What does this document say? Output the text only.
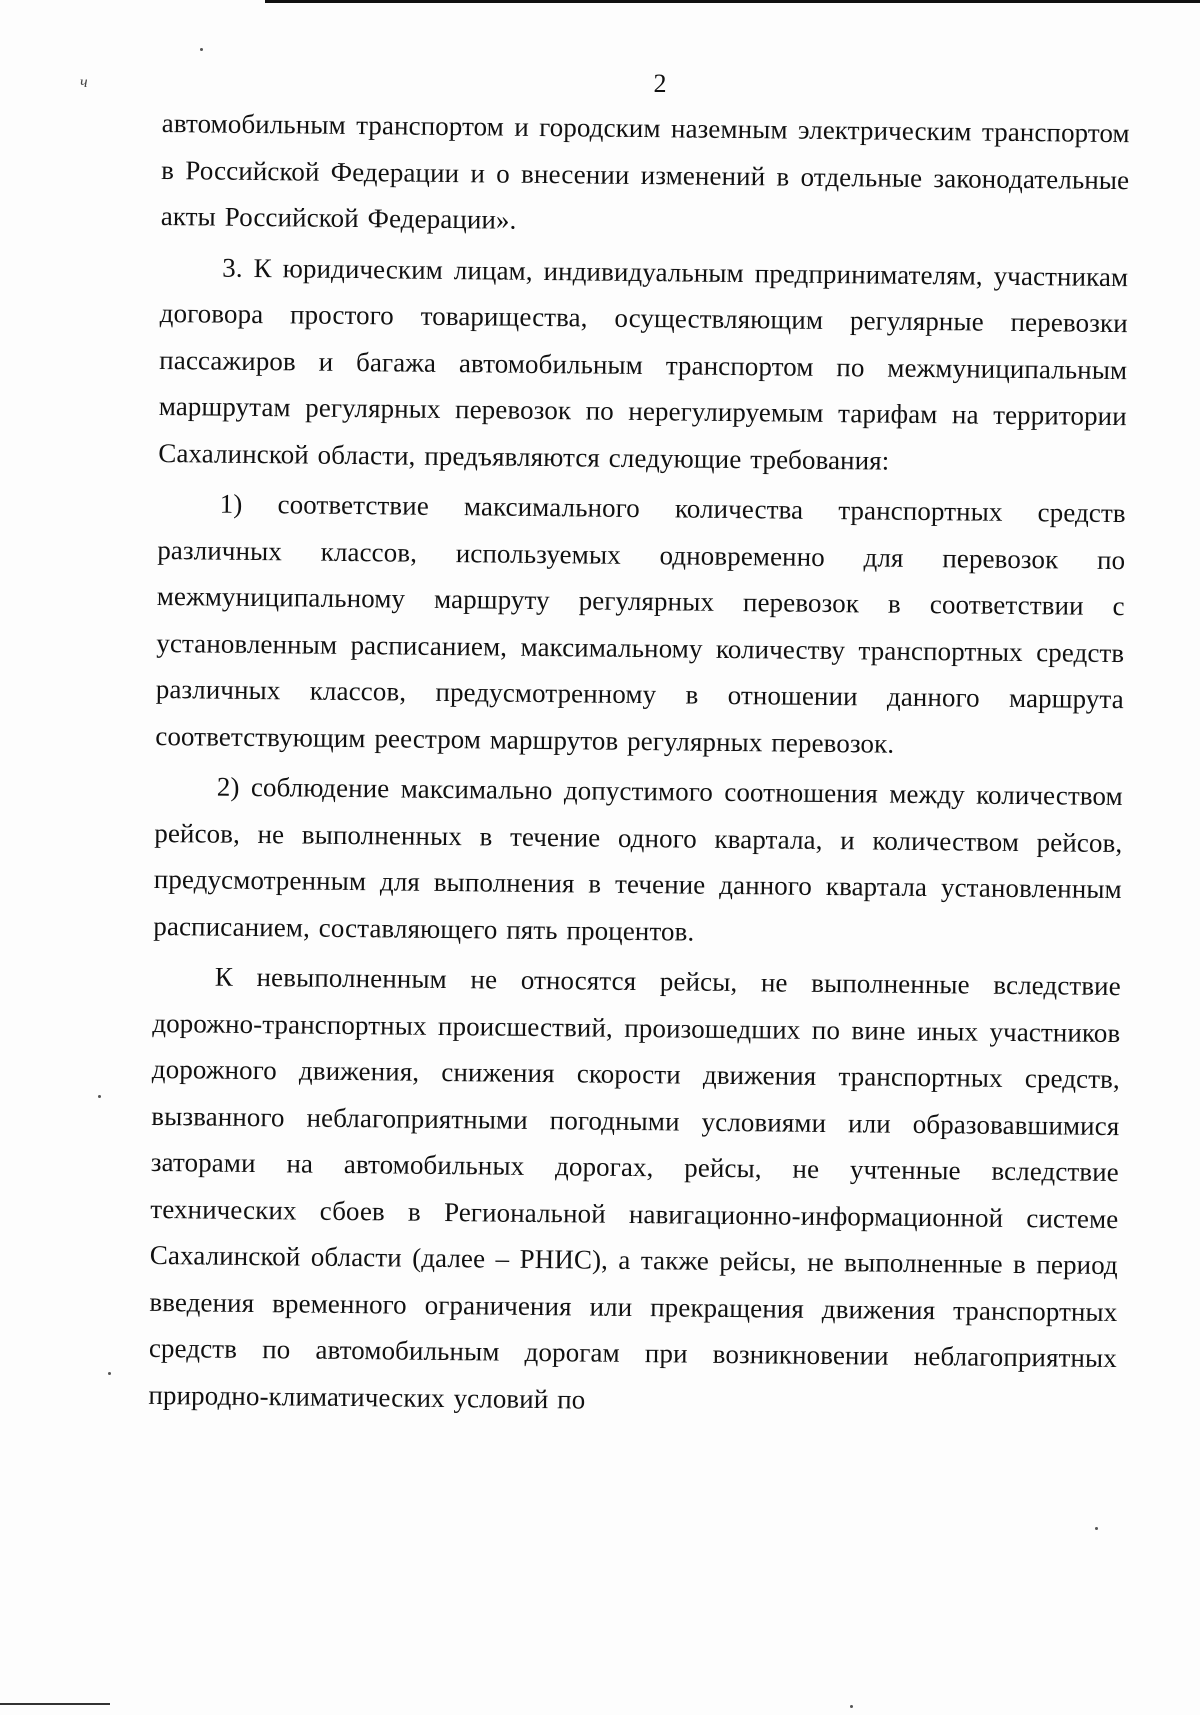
ч	2

автомобильным транспортом и городским наземным электрическим транспортом в Российской Федерации и о внесении изменений в отдельные законодательные акты Российской Федерации».

3. К юридическим лицам, индивидуальным предпринимателям, участникам договора простого товарищества, осуществляющим регулярные перевозки пассажиров и багажа автомобильным транспортом по межмуниципальным маршрутам регулярных перевозок по нерегулируемым тарифам на территории Сахалинской области, предъявляются следующие требования:

1) соответствие максимального количества транспортных средств различных классов, используемых одновременно для перевозок по межмуниципальному маршруту регулярных перевозок в соответствии с установленным расписанием, максимальному количеству транспортных средств различных классов, предусмотренному в отношении данного маршрута соответствующим реестром маршрутов регулярных перевозок.

2) соблюдение максимально допустимого соотношения между количеством рейсов, не выполненных в течение одного квартала, и количеством рейсов, предусмотренным для выполнения в течение данного квартала установленным расписанием, составляющего пять процентов.

К невыполненным не относятся рейсы, не выполненные вследствие дорожно-транспортных происшествий, произошедших по вине иных участников дорожного движения, снижения скорости движения транспортных средств, вызванного неблагоприятными погодными условиями или образовавшимися заторами на автомобильных дорогах, рейсы, не учтенные вследствие технических сбоев в Региональной навигационно-информационной системе Сахалинской области (далее – РНИС), а также рейсы, не выполненные в период введения временного ограничения или прекращения движения транспортных средств по автомобильным дорогам при возникновении неблагоприятных природно-климатических условий по
